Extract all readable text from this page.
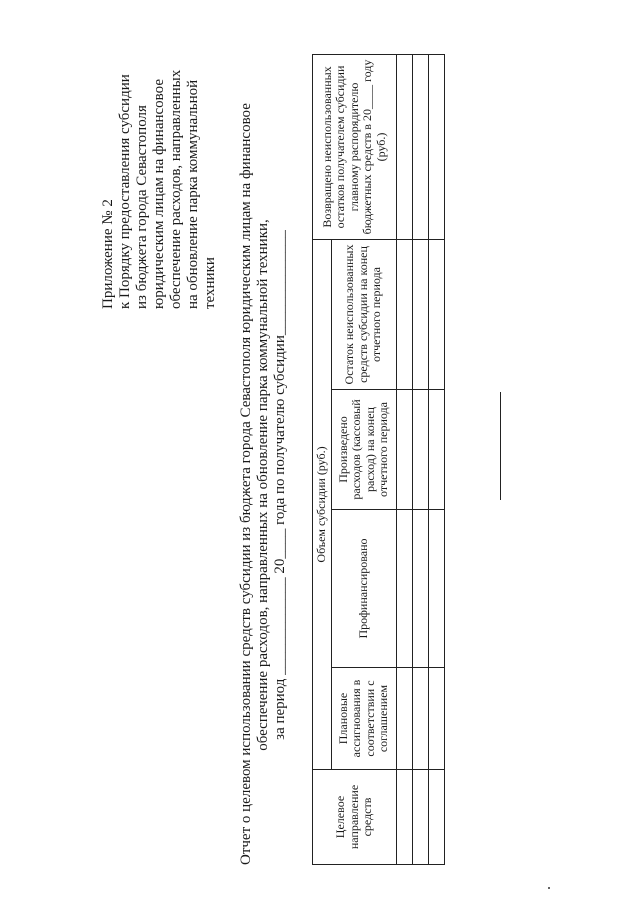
Приложение № 2 к Порядку предоставления субсидии из бюджета города Севастополя юридическим лицам на финансовое обеспечение расходов, направленных на обновление парка коммунальной техники Отчет о целевом использовании средств субсидии из бюджета города Севастополя юридическим лицам на финансовое обеспечение расходов, направленных на обновление парка коммунальной техники, за период _____________ 20____ года по получателю субсидии______________
Целевое направление средств	Объем субсидии (руб.)				Возвращено неиспользованных остатков получателем субсидии главному распорядителю бюджетных средств в 20____ году (руб.)
	Плановые ассигнования в соответствии с соглашением	Профинансировано	Произведено расходов (кассовый расход) на конец отчетного периода	Остаток неиспользованных средств субсидии на конец отчетного периода	
